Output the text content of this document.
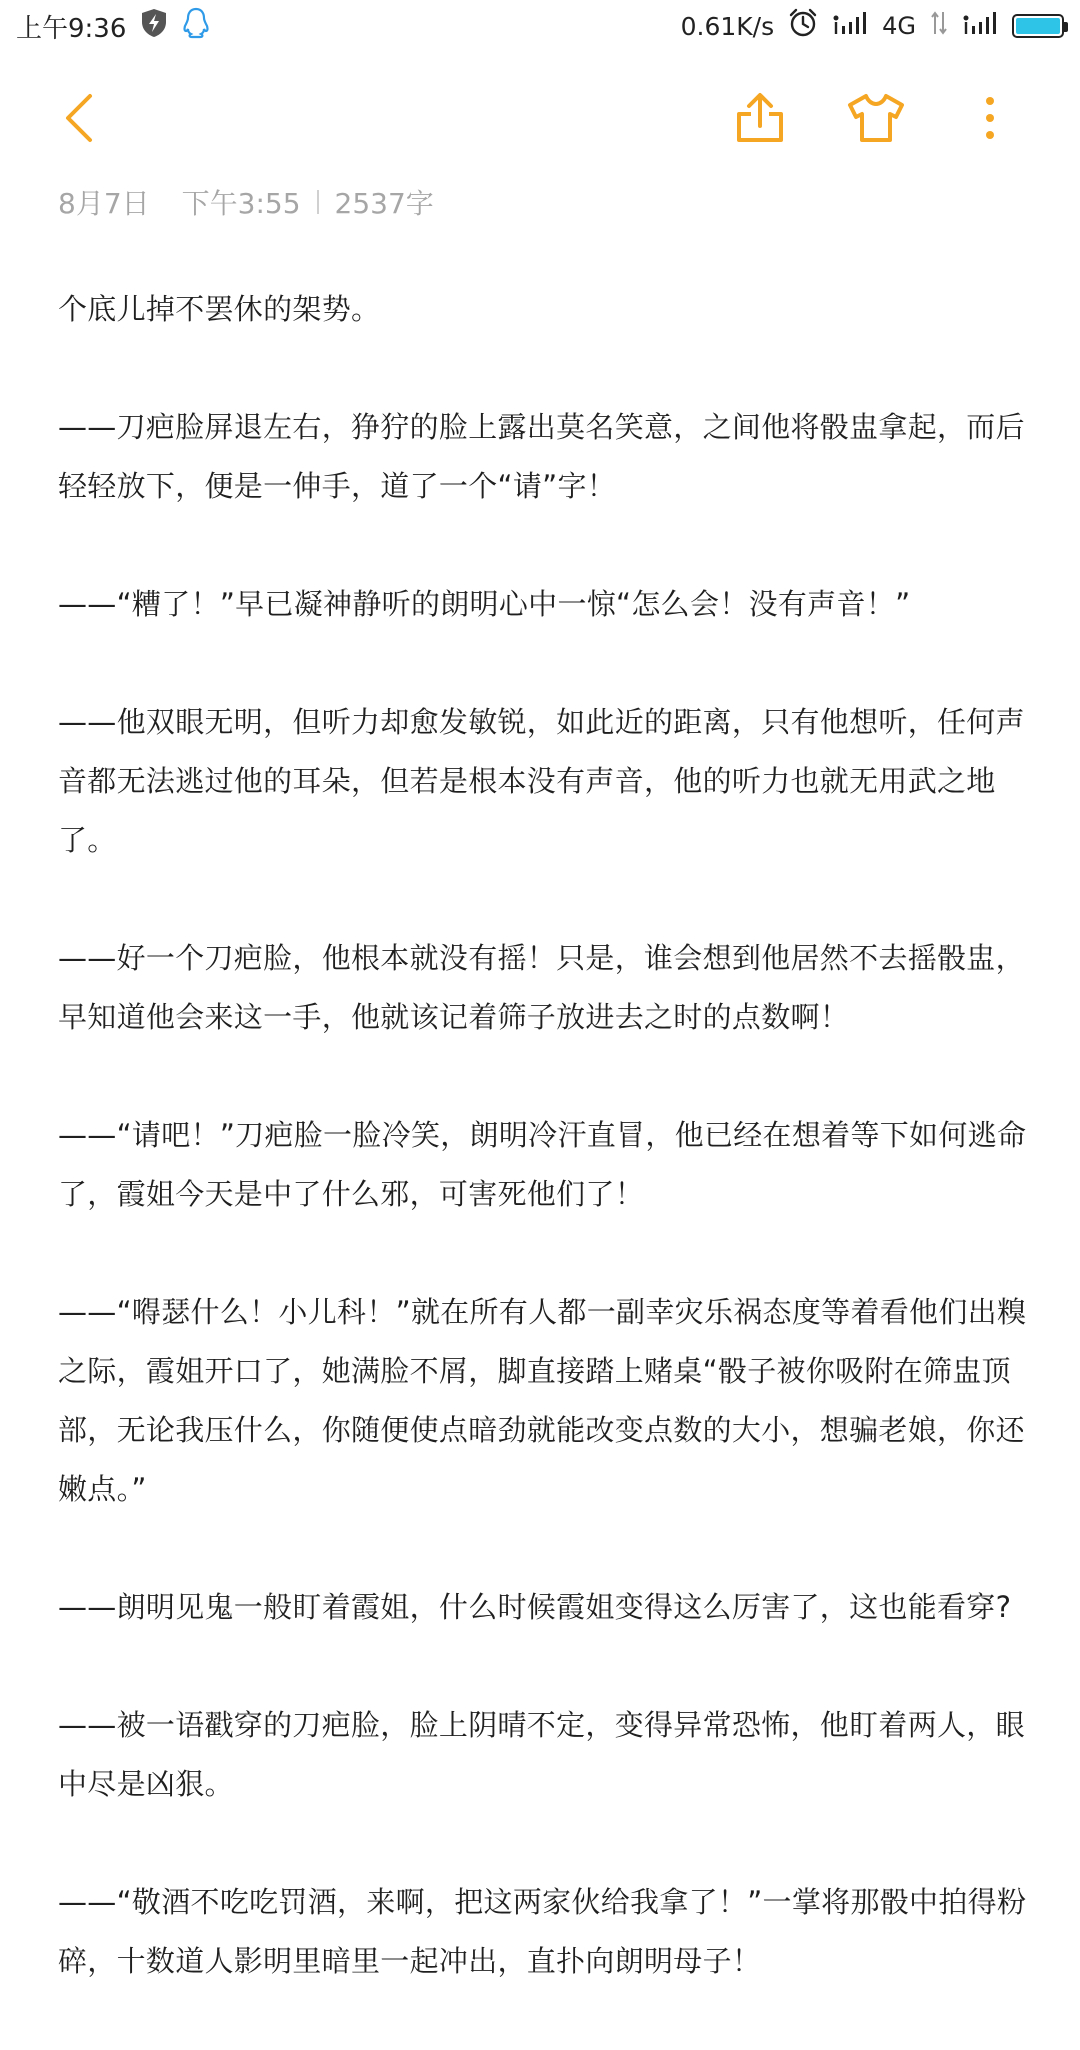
上午9:36	0.61K/s	4G
8月7日 下午3:55 2537字

个底儿掉不罢休的架势。

——刀疤脸屏退左右，狰狞的脸上露出莫名笑意，之间他将骰盅拿起，而后轻轻放下，便是一伸手，道了一个“请”字！

——“糟了！”早已凝神静听的朗明心中一惊“怎么会！没有声音！”

——他双眼无明，但听力却愈发敏锐，如此近的距离，只有他想听，任何声音都无法逃过他的耳朵，但若是根本没有声音，他的听力也就无用武之地了。

——好一个刀疤脸，他根本就没有摇！只是，谁会想到他居然不去摇骰盅，早知道他会来这一手，他就该记着筛子放进去之时的点数啊！

——“请吧！”刀疤脸一脸冷笑，朗明冷汗直冒，他已经在想着等下如何逃命了，霞姐今天是中了什么邪，可害死他们了！

——“嘚瑟什么！小儿科！”就在所有人都一副幸灾乐祸态度等着看他们出糗之际，霞姐开口了，她满脸不屑，脚直接踏上赌桌“骰子被你吸附在筛盅顶部，无论我压什么，你随便使点暗劲就能改变点数的大小，想骗老娘，你还嫩点。”

——朗明见鬼一般盯着霞姐，什么时候霞姐变得这么厉害了，这也能看穿?

——被一语戳穿的刀疤脸，脸上阴晴不定，变得异常恐怖，他盯着两人，眼中尽是凶狠。

——“敬酒不吃吃罚酒，来啊，把这两家伙给我拿了！”一掌将那骰中拍得粉碎，十数道人影明里暗里一起冲出，直扑向朗明母子！
